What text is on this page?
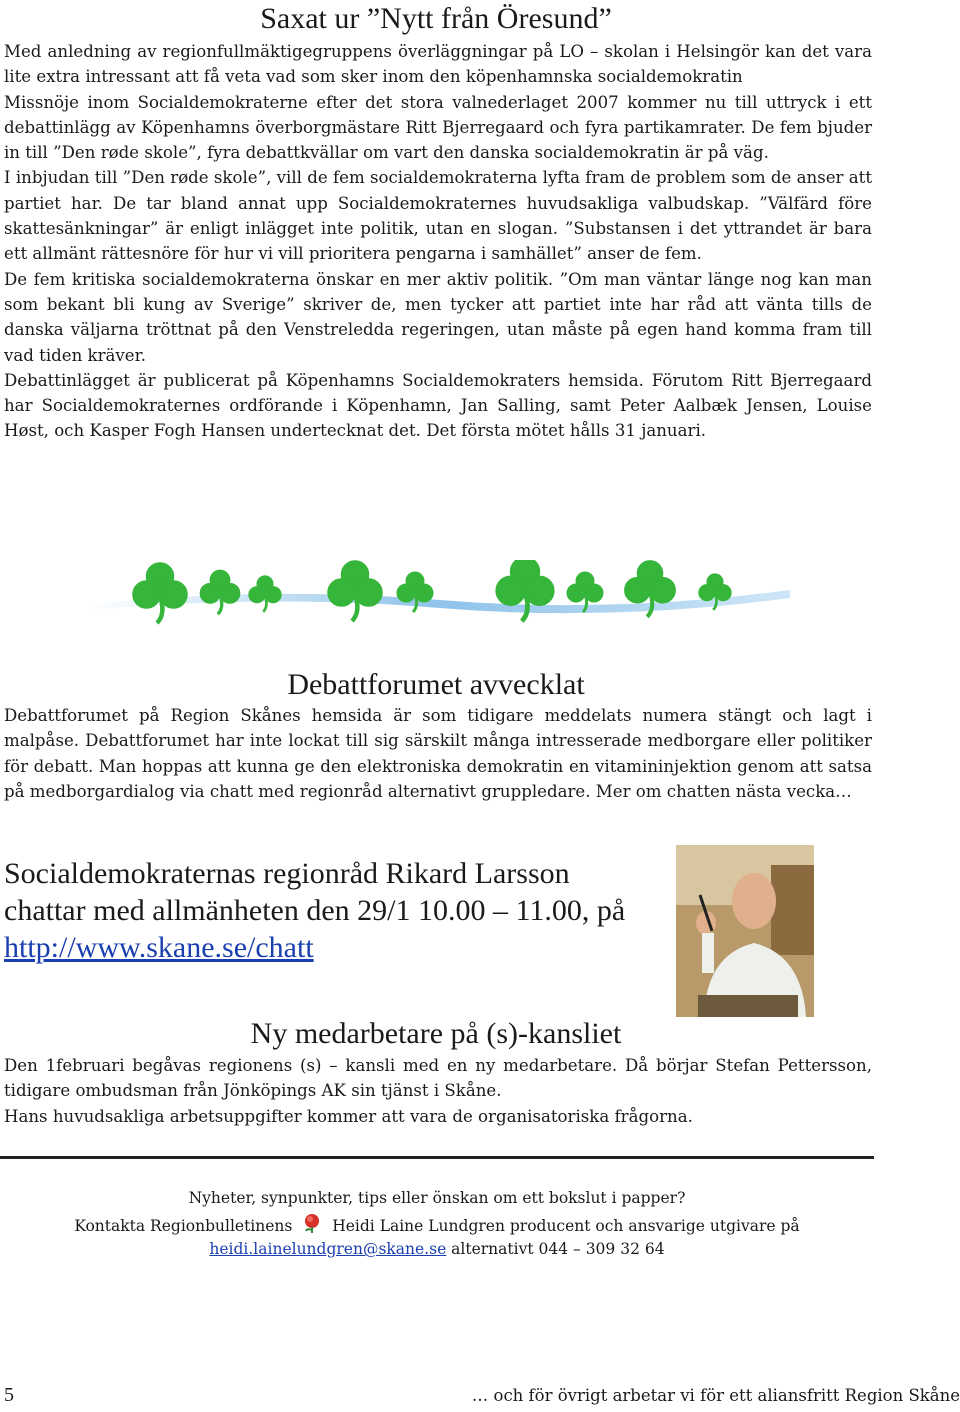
Saxat ur ”Nytt från Öresund”

Med anledning av regionfullmäktigegruppens överläggningar på LO – skolan i Helsingör kan det vara lite extra intressant att få veta vad som sker inom den köpenhamnska socialdemokratin

Missnöje inom Socialdemokraterne efter det stora valnederlaget 2007 kommer nu till uttryck i ett debattinlägg av Köpenhamns överborgmästare Ritt Bjerregaard och fyra partikamrater. De fem bjuder in till ”Den røde skole”, fyra debattkvällar om vart den danska socialdemokratin är på väg.

I inbjudan till ”Den røde skole”, vill de fem socialdemokraterna lyfta fram de problem som de anser att partiet har. De tar bland annat upp Socialdemokraternes huvudsakliga valbudskap. ”Välfärd före skattesänkningar” är enligt inlägget inte politik, utan en slogan. ”Substansen i det yttrandet är bara ett allmänt rättesnöre för hur vi vill prioritera pengarna i samhället” anser de fem.

De fem kritiska socialdemokraterna önskar en mer aktiv politik. ”Om man väntar länge nog kan man som bekant bli kung av Sverige” skriver de, men tycker att partiet inte har råd att vänta tills de danska väljarna tröttnat på den Venstreledda regeringen, utan måste på egen hand komma fram till vad tiden kräver.

Debattinlägget är publicerat på Köpenhamns Socialdemokraters hemsida. Förutom Ritt Bjerregaard har Socialdemokraternes ordförande i Köpenhamn, Jan Salling, samt Peter Aalbæk Jensen, Louise Høst, och Kasper Fogh Hansen undertecknat det. Det första mötet hålls 31 januari.

Debattforumet avvecklat

Debattforumet på Region Skånes hemsida är som tidigare meddelats numera stängt och lagt i malpåse. Debattforumet har inte lockat till sig särskilt många intresserade medborgare eller politiker för debatt. Man hoppas att kunna ge den elektroniska demokratin en vitamininjektion genom att satsa på medborgardialog via chatt med regionråd alternativt gruppledare. Mer om chatten nästa vecka…

Socialdemokraternas regionråd Rikard Larsson chattar med allmänheten den 29/1 10.00 – 11.00, på http://www.skane.se/chatt
Ny medarbetare på (s)-kansliet

Den 1februari begåvas regionens (s) – kansli med en ny medarbetare. Då börjar Stefan Pettersson, tidigare ombudsman från Jönköpings AK sin tjänst i Skåne.

Hans huvudsakliga arbetsuppgifter kommer att vara de organisatoriska frågorna.

Nyheter, synpunkter, tips eller önskan om ett bokslut i papper?

Kontakta Regionbulletinens	Heidi Laine Lundgren producent och ansvarige utgivare på

heidi.lainelundgren@skane.se alternativt 044 – 309 32 64

5	… och för övrigt arbetar vi för ett aliansfritt Region Skåne
